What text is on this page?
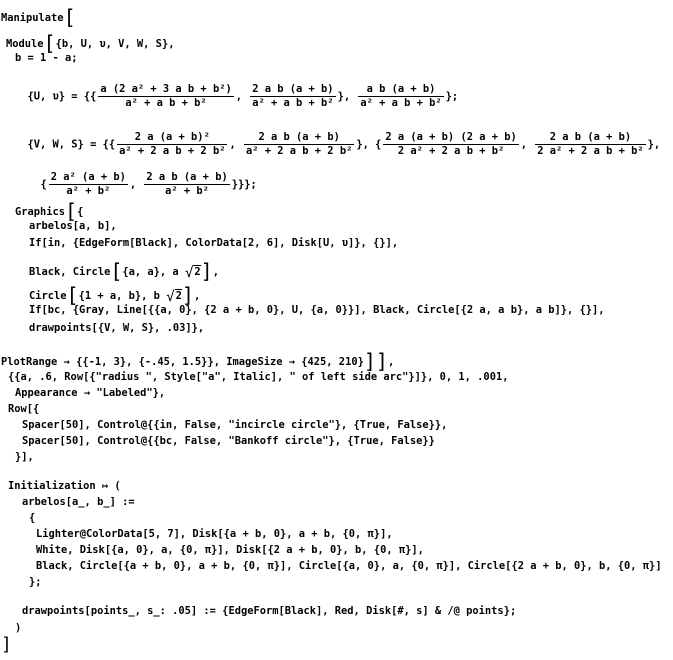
Manipulate[
Module[{b, U, υ, V, W, S},
b = 1 - a;

{U, υ} = {{ $\frac{\text{a (2 a² + 3 a b + b²)}}{\text{a² + a b + b²}}$ , $\frac{\text{2 a b (a + b)}}{\text{a² + a b + b²}}$ }, $\frac{\text{a b (a + b)}}{\text{a² + a b + b²}}$ };

{V, W, S} = {{ $\frac{\text{2 a (a + b)²}}{\text{a² + 2 a b + 2 b²}}$ , $\frac{\text{2 a b (a + b)}}{\text{a² + 2 a b + 2 b²}}$ }, { $\frac{2 a (a + b) (2 a + b)}{\text{2 a² + 2 a b + b²}}$ , $\frac{\text{2 a b (a + b)}}{\text{2 a² + 2 a b + b²}}$ },

{ $\frac{\text{2 a² (a + b)}}{\text{a² + b²}}$ , $\frac{\text{2 a b (a + b)}}{\text{a² + b²}}$ }}};

Graphics[{
arbelos[a, b],
If[in, {EdgeForm[Black], ColorData[2, 6], Disk[U, υ]}, {}],
Black, Circle[{a, a}, a √2],
Circle[{1 + a, b}, b √2],
If[bc, {Gray, Line[{{a, 0}, {2 a + b, 0}, U, {a, 0}}], Black, Circle[{2 a, a b}, a b]}, {}],
drawpoints[{V, W, S}, .03]},
PlotRange → {{-1, 3}, {-.45, 1.5}}, ImageSize → {425, 210}]],
{{a, .6, Row[{"radius ", Style["a", Italic], " of left side arc"}]}, 0, 1, .001,
Appearance → "Labeled"},
Row[{
Spacer[50], Control@{{in, False, "incircle circle"}, {True, False}},
Spacer[50], Control@{{bc, False, "Bankoff circle"}, {True, False}}
}],
Initialization ↦ (
arbelos[a_, b_] :=
{
Lighter@ColorData[5, 7], Disk[{a + b, 0}, a + b, {0, π}],
White, Disk[{a, 0}, a, {0, π}], Disk[{2 a + b, 0}, b, {0, π}],
Black, Circle[{a + b, 0}, a + b, {0, π}], Circle[{a, 0}, a, {0, π}], Circle[{2 a + b, 0}, b, {0, π}]
};
drawpoints[points_, s_: .05] := {EdgeForm[Black], Red, Disk[#, s] & /@ points};
)
]
